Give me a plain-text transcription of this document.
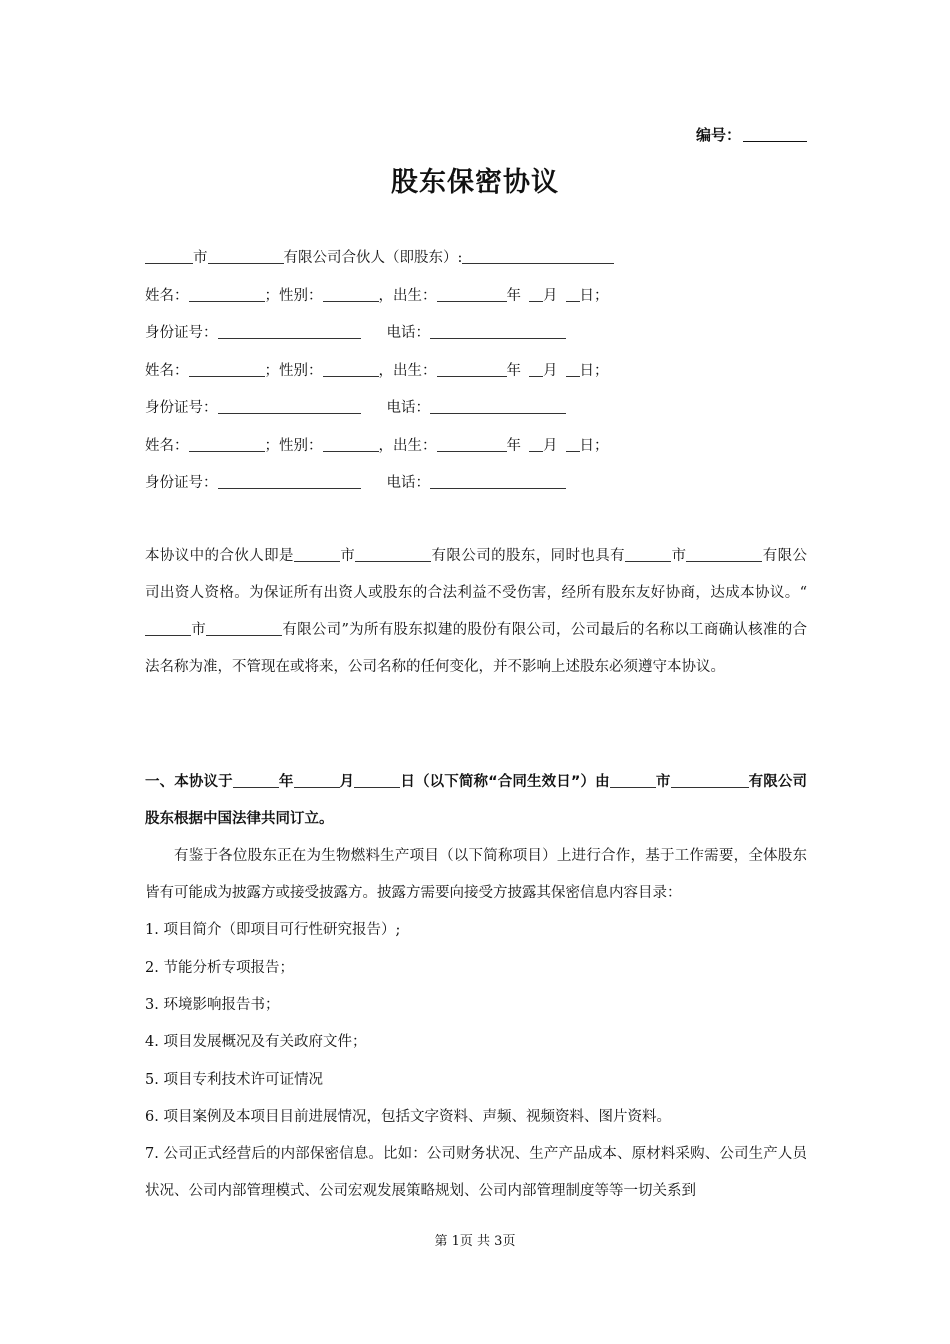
编号：
股东保密协议
市	有限公司合伙人（即股东）:
姓名：	；性别：	，出生：	年 月 日；
身份证号：	电话：
姓名：	；性别：	，出生：	年 月 日；
身份证号：	电话：
姓名：	；性别：	，出生：	年 月 日；
身份证号：	电话：
本协议中的合伙人即是	市	有限公司的股东，同时也具有	市	有限公司出资人资格。为保证所有出资人或股东的合法利益不受伤害，经所有股东友好协商，达成本协议。“市	有限公司”为所有股东拟建的股份有限公司，公司最后的名称以工商确认核准的合法名称为准，不管现在或将来，公司名称的任何变化，并不影响上述股东必须遵守本协议。
一、本协议于	年	月	日（以下简称“合同生效日”）由	市	有限公司股东根据中国法律共同订立。
有鉴于各位股东正在为生物燃料生产项目（以下简称项目）上进行合作，基于工作需要，全体股东皆有可能成为披露方或接受披露方。披露方需要向接受方披露其保密信息内容目录：
1. 项目简介（即项目可行性研究报告）;
2. 节能分析专项报告；
3. 环境影响报告书；
4. 项目发展概况及有关政府文件；
5. 项目专利技术许可证情况
6. 项目案例及本项目目前进展情况，包括文字资料、声频、视频资料、图片资料。
7. 公司正式经营后的内部保密信息。比如：公司财务状况、生产产品成本、原材料采购、公司生产人员状况、公司内部管理模式、公司宏观发展策略规划、公司内部管理制度等等一切关系到
第 1页 共 3页
